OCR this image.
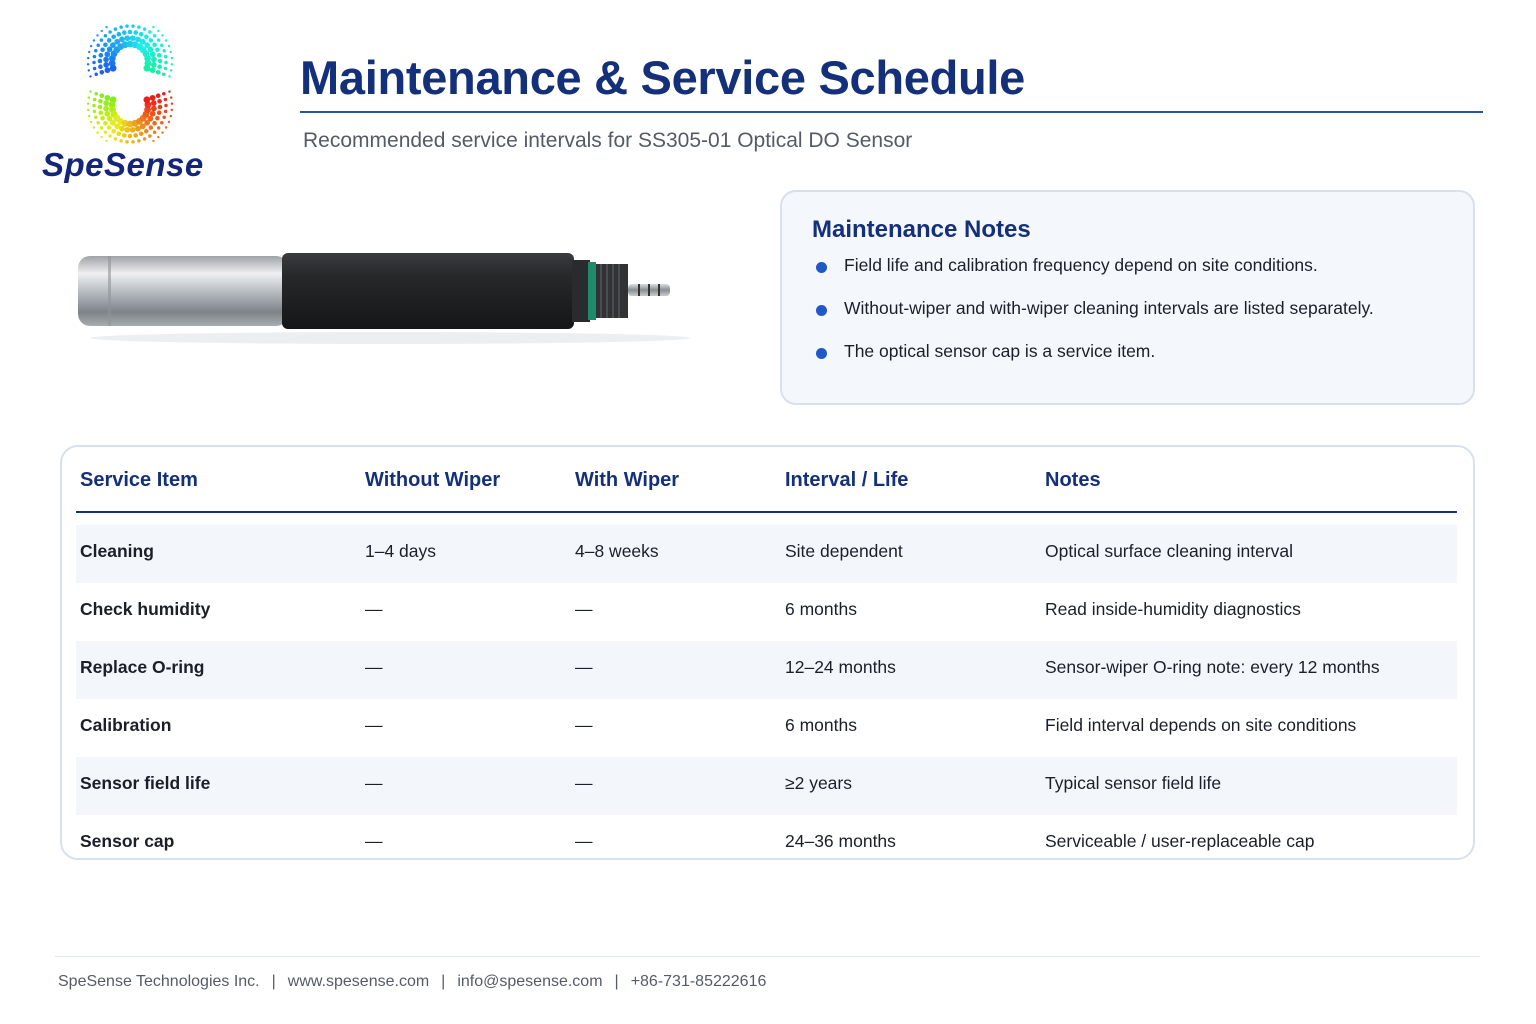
SpeSense
Maintenance & Service Schedule
Recommended service intervals for SS305-01 Optical DO Sensor
Maintenance Notes
Field life and calibration frequency depend on site conditions.
Without-wiper and with-wiper cleaning intervals are listed separately.
The optical sensor cap is a service item.
Service Item	Without Wiper	With Wiper	Interval / Life	Notes
Cleaning	1–4 days	4–8 weeks	Site dependent	Optical surface cleaning interval
Check humidity	—	—	6 months	Read inside-humidity diagnostics
Replace O-ring	—	—	12–24 months	Sensor-wiper O-ring note: every 12 months
Calibration	—	—	6 months	Field interval depends on site conditions
Sensor field life	—	—	≥2 years	Typical sensor field life
Sensor cap	—	—	24–36 months	Serviceable / user-replaceable cap
SpeSense Technologies Inc. | www.spesense.com | info@spesense.com | +86-731-85222616
